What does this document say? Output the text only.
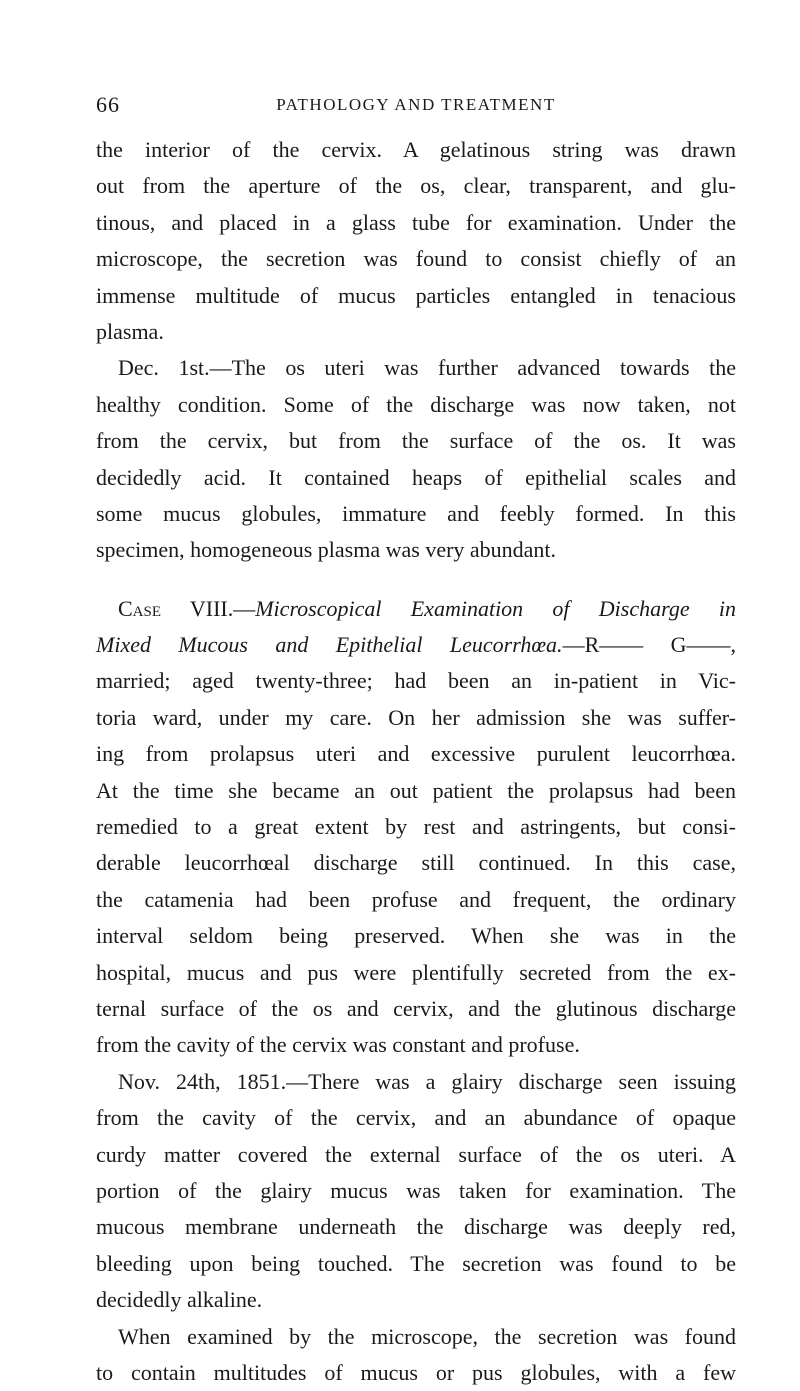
66	PATHOLOGY AND TREATMENT
the interior of the cervix. A gelatinous string was drawn
out from the aperture of the os, clear, transparent, and glu-
tinous, and placed in a glass tube for examination. Under the
microscope, the secretion was found to consist chiefly of an
immense multitude of mucus particles entangled in tenacious
plasma.
Dec. 1st.—The os uteri was further advanced towards the
healthy condition. Some of the discharge was now taken, not
from the cervix, but from the surface of the os. It was
decidedly acid. It contained heaps of epithelial scales and
some mucus globules, immature and feebly formed. In this
specimen, homogeneous plasma was very abundant.
Case VIII.—Microscopical Examination of Discharge in
Mixed Mucous and Epithelial Leucorrhœa.—R—— G——,
married; aged twenty-three; had been an in-patient in Vic-
toria ward, under my care. On her admission she was suffer-
ing from prolapsus uteri and excessive purulent leucorrhœa.
At the time she became an out patient the prolapsus had been
remedied to a great extent by rest and astringents, but consi-
derable leucorrhœal discharge still continued. In this case,
the catamenia had been profuse and frequent, the ordinary
interval seldom being preserved. When she was in the
hospital, mucus and pus were plentifully secreted from the ex-
ternal surface of the os and cervix, and the glutinous discharge
from the cavity of the cervix was constant and profuse.
Nov. 24th, 1851.—There was a glairy discharge seen issuing
from the cavity of the cervix, and an abundance of opaque
curdy matter covered the external surface of the os uteri. A
portion of the glairy mucus was taken for examination. The
mucous membrane underneath the discharge was deeply red,
bleeding upon being touched. The secretion was found to be
decidedly alkaline.
When examined by the microscope, the secretion was found
to contain multitudes of mucus or pus globules, with a few
